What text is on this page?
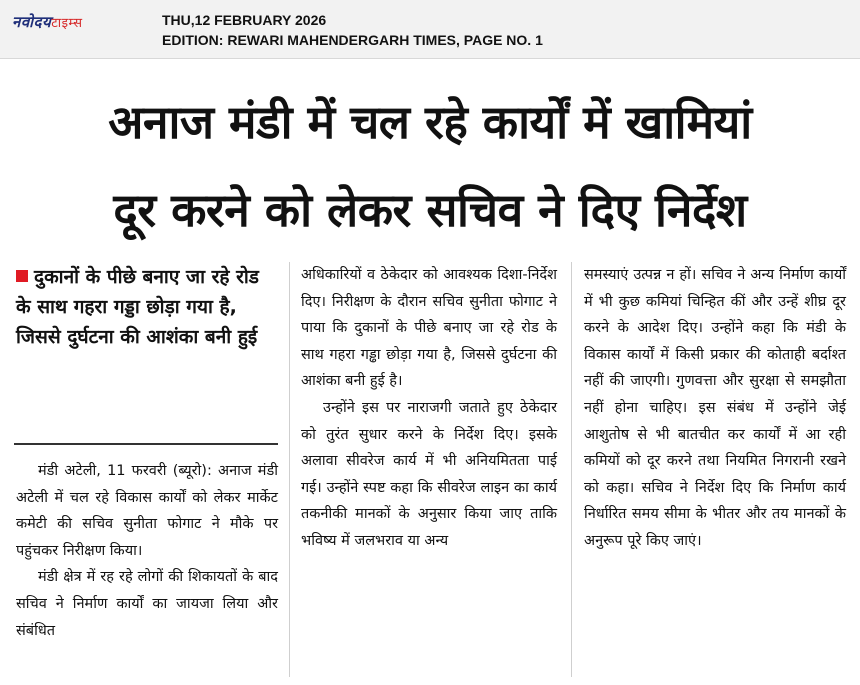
नवोदयटाइम्स	THU,12 FEBRUARY 2026
EDITION: REWARI MAHENDERGARH TIMES, PAGE NO. 1
अनाज मंडी में चल रहे कार्यों में खामियां
दूर करने को लेकर सचिव ने दिए निर्देश
दुकानों के पीछे बनाए जा रहे रोड के साथ गहरा गड्डा छोड़ा गया है, जिससे दुर्घटना की आशंका बनी हुई

मंडी अटेली, 11 फरवरी (ब्यूरो): अनाज मंडी अटेली में चल रहे विकास कार्यों को लेकर मार्केट कमेटी की सचिव सुनीता फोगाट ने मौके पर पहुंचकर निरीक्षण किया।

मंडी क्षेत्र में रह रहे लोगों की शिकायतों के बाद सचिव ने निर्माण कार्यों का जायजा लिया और संबंधित

अधिकारियों व ठेकेदार को आवश्यक दिशा-निर्देश दिए। निरीक्षण के दौरान सचिव सुनीता फोगाट ने पाया कि दुकानों के पीछे बनाए जा रहे रोड के साथ गहरा गड्ढा छोड़ा गया है, जिससे दुर्घटना की आशंका बनी हुई है।

उन्होंने इस पर नाराजगी जताते हुए ठेकेदार को तुरंत सुधार करने के निर्देश दिए। इसके अलावा सीवरेज कार्य में भी अनियमितता पाई गई। उन्होंने स्पष्ट कहा कि सीवरेज लाइन का कार्य तकनीकी मानकों के अनुसार किया जाए ताकि भविष्य में जलभराव या अन्य

समस्याएं उत्पन्न न हों। सचिव ने अन्य निर्माण कार्यों में भी कुछ कमियां चिन्हित कीं और उन्हें शीघ्र दूर करने के आदेश दिए। उन्होंने कहा कि मंडी के विकास कार्यों में किसी प्रकार की कोताही बर्दाश्त नहीं की जाएगी। गुणवत्ता और सुरक्षा से समझौता नहीं होना चाहिए। इस संबंध में उन्होंने जेई आशुतोष से भी बातचीत कर कार्यों में आ रही कमियों को दूर करने तथा नियमित निगरानी रखने को कहा। सचिव ने निर्देश दिए कि निर्माण कार्य निर्धारित समय सीमा के भीतर और तय मानकों के अनुरूप पूरे किए जाएं।
